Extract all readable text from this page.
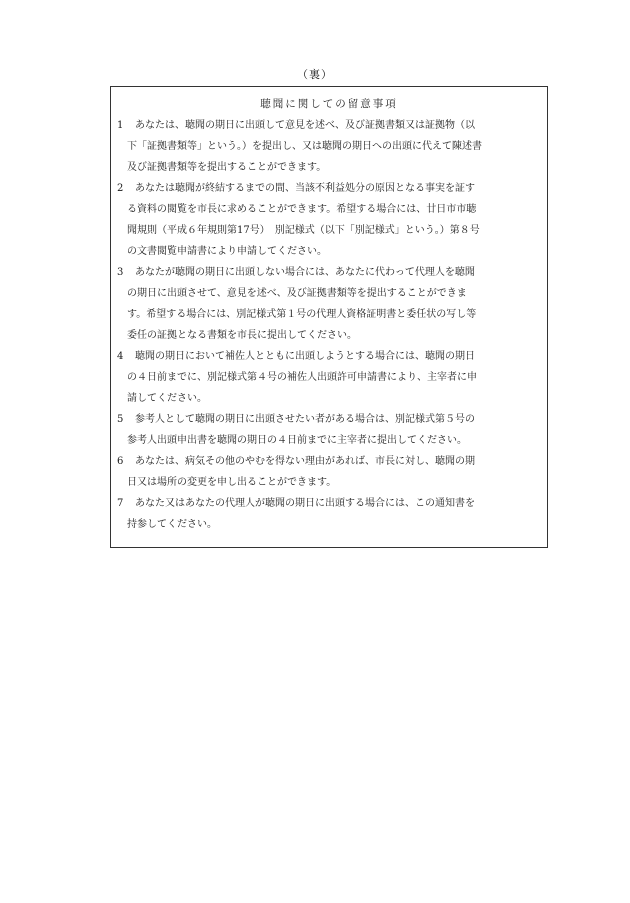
（裏）
聴聞に関しての留意事項
1 あなたは、聴聞の期日に出頭して意見を述べ、及び証拠書類又は証拠物（以
下「証拠書類等」という。）を提出し、又は聴聞の期日への出頭に代えて陳述書
及び証拠書類等を提出することができます。
2 あなたは聴聞が終結するまでの間、当該不利益処分の原因となる事実を証す
る資料の閲覧を市長に求めることができます。希望する場合には、廿日市市聴
聞規則（平成６年規則第17号）　別記様式（以下「別記様式」という。）第８号
の文書閲覧申請書により申請してください。
3 あなたが聴聞の期日に出頭しない場合には、あなたに代わって代理人を聴聞
の期日に出頭させて、意見を述べ、及び証拠書類等を提出することができま
す。希望する場合には、別記様式第１号の代理人資格証明書と委任状の写し等
委任の証拠となる書類を市長に提出してください。
4 聴聞の期日において補佐人とともに出頭しようとする場合には、聴聞の期日
の４日前までに、別記様式第４号の補佐人出頭許可申請書により、主宰者に申
請してください。
5 参考人として聴聞の期日に出頭させたい者がある場合は、別記様式第５号の
参考人出頭申出書を聴聞の期日の４日前までに主宰者に提出してください。
6 あなたは、病気その他のやむを得ない理由があれば、市長に対し、聴聞の期
日又は場所の変更を申し出ることができます。
7 あなた又はあなたの代理人が聴聞の期日に出頭する場合には、この通知書を
持参してください。
